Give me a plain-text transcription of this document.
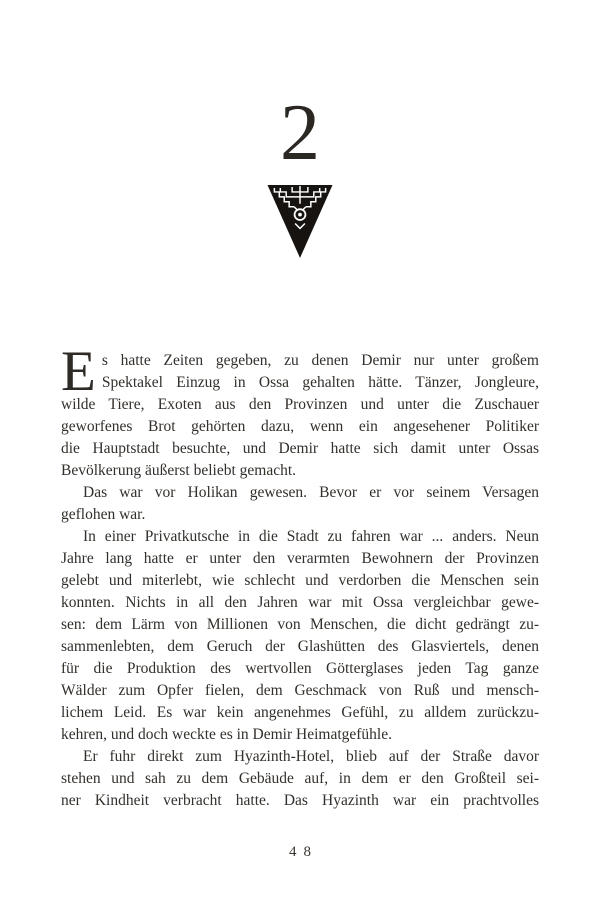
2
E s hatte Zeiten gegeben, zu denen Demir nur unter großem
Spektakel Einzug in Ossa gehalten hätte. Tänzer, Jongleure,
wilde Tiere, Exoten aus den Provinzen und unter die Zuschauer
geworfenes Brot gehörten dazu, wenn ein angesehener Politiker
die Hauptstadt besuchte, und Demir hatte sich damit unter Ossas
Bevölkerung äußerst beliebt gemacht.
Das war vor Holikan gewesen. Bevor er vor seinem Versagen
geflohen war.
In einer Privatkutsche in die Stadt zu fahren war ... anders. Neun
Jahre lang hatte er unter den verarmten Bewohnern der Provinzen
gelebt und miterlebt, wie schlecht und verdorben die Menschen sein
konnten. Nichts in all den Jahren war mit Ossa vergleichbar gewe-
sen: dem Lärm von Millionen von Menschen, die dicht gedrängt zu-
sammenlebten, dem Geruch der Glashütten des Glasviertels, denen
für die Produktion des wertvollen Götterglases jeden Tag ganze
Wälder zum Opfer fielen, dem Geschmack von Ruß und mensch-
lichem Leid. Es war kein angenehmes Gefühl, zu alldem zurückzu-
kehren, und doch weckte es in Demir Heimatgefühle.
Er fuhr direkt zum Hyazinth-Hotel, blieb auf der Straße davor
stehen und sah zu dem Gebäude auf, in dem er den Großteil sei-
ner Kindheit verbracht hatte. Das Hyazinth war ein prachtvolles
48
